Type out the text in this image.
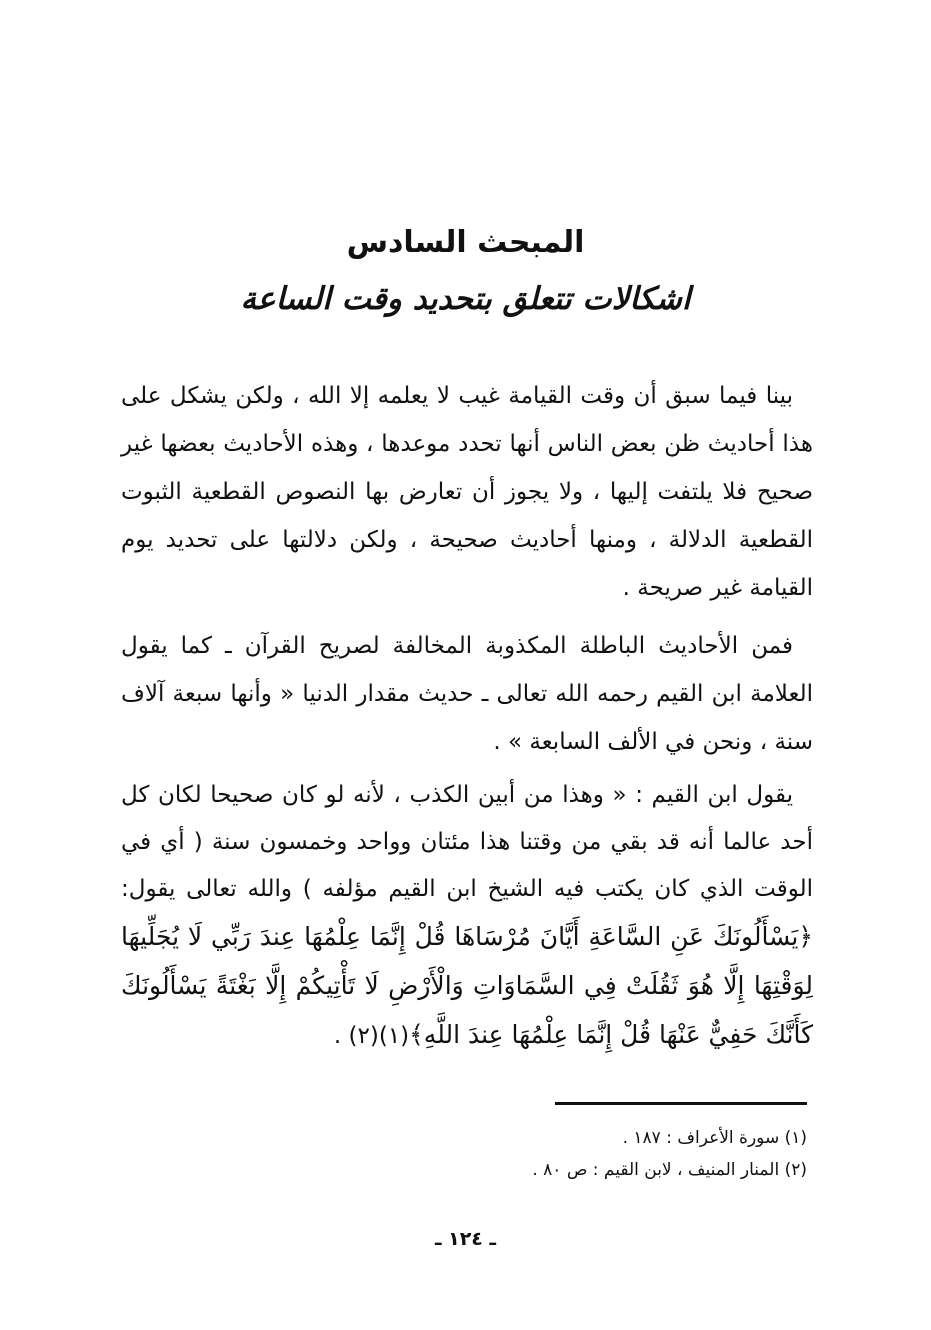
المبحث السادس
اشكالات تتعلق بتحديد وقت الساعة

بينا فيما سبق أن وقت القيامة غيب لا يعلمه إلا الله ، ولكن يشكل على هذا أحاديث ظن بعض الناس أنها تحدد موعدها ، وهذه الأحاديث بعضها غير صحيح فلا يلتفت إليها ، ولا يجوز أن تعارض بها النصوص القطعية الثبوت القطعية الدلالة ، ومنها أحاديث صحيحة ، ولكن دلالتها على تحديد يوم القيامة غير صريحة .

فمن الأحاديث الباطلة المكذوبة المخالفة لصريح القرآن ـ كما يقول العلامة ابن القيم رحمه الله تعالى ـ حديث مقدار الدنيا « وأنها سبعة آلاف سنة ، ونحن في الألف السابعة » .

يقول ابن القيم : « وهذا من أبين الكذب ، لأنه لو كان صحيحا لكان كل أحد عالما أنه قد بقي من وقتنا هذا مئتان وواحد وخمسون سنة ( أي في الوقت الذي كان يكتب فيه الشيخ ابن القيم مؤلفه ) والله تعالى يقول: ﴿يَسْأَلُونَكَ عَنِ السَّاعَةِ أَيَّانَ مُرْسَاهَا قُلْ إِنَّمَا عِلْمُهَا عِندَ رَبِّي لَا يُجَلِّيهَا لِوَقْتِهَا إِلَّا هُوَ ثَقُلَتْ فِي السَّمَاوَاتِ وَالْأَرْضِ لَا تَأْتِيكُمْ إِلَّا بَغْتَةً يَسْأَلُونَكَ كَأَنَّكَ حَفِيٌّ عَنْهَا قُلْ إِنَّمَا عِلْمُهَا عِندَ اللَّهِ﴾(١)(٢) .

(١) سورة الأعراف : ١٨٧ .

(٢) المنار المنيف ، لابن القيم : ص ٨٠ .

ـ ١٢٤ ـ
